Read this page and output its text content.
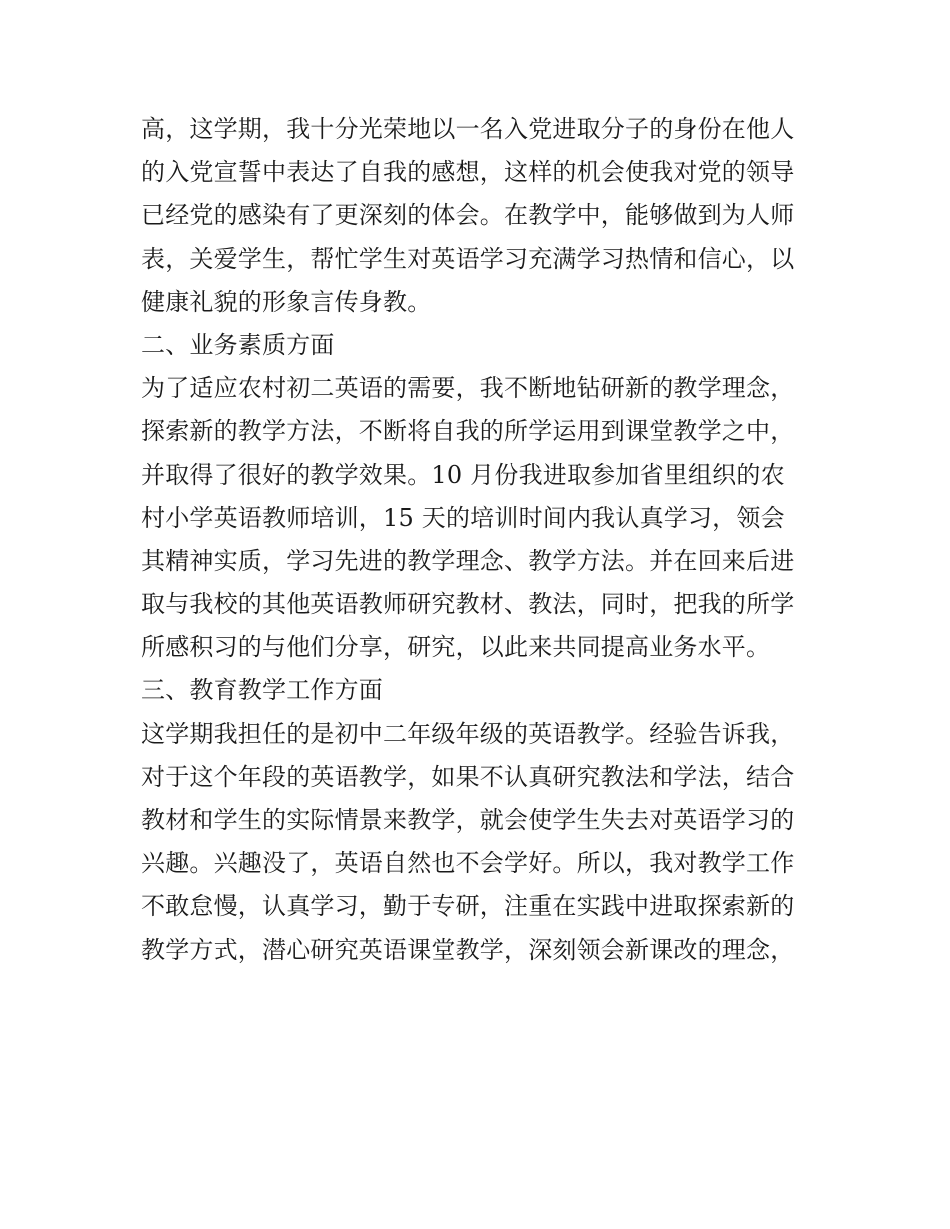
高，这学期，我十分光荣地以一名入党进取分子的身份在他人
的入党宣誓中表达了自我的感想，这样的机会使我对党的领导
已经党的感染有了更深刻的体会。在教学中，能够做到为人师
表，关爱学生，帮忙学生对英语学习充满学习热情和信心，以
健康礼貌的形象言传身教。
二、业务素质方面
为了适应农村初二英语的需要，我不断地钻研新的教学理念，
探索新的教学方法，不断将自我的所学运用到课堂教学之中，
并取得了很好的教学效果。10 月份我进取参加省里组织的农
村小学英语教师培训，15 天的培训时间内我认真学习，领会
其精神实质，学习先进的教学理念、教学方法。并在回来后进
取与我校的其他英语教师研究教材、教法，同时，把我的所学
所感积习的与他们分享，研究，以此来共同提高业务水平。
三、教育教学工作方面
这学期我担任的是初中二年级年级的英语教学。经验告诉我，
对于这个年段的英语教学，如果不认真研究教法和学法，结合
教材和学生的实际情景来教学，就会使学生失去对英语学习的
兴趣。兴趣没了，英语自然也不会学好。所以，我对教学工作
不敢怠慢，认真学习，勤于专研，注重在实践中进取探索新的
教学方式，潜心研究英语课堂教学，深刻领会新课改的理念，
